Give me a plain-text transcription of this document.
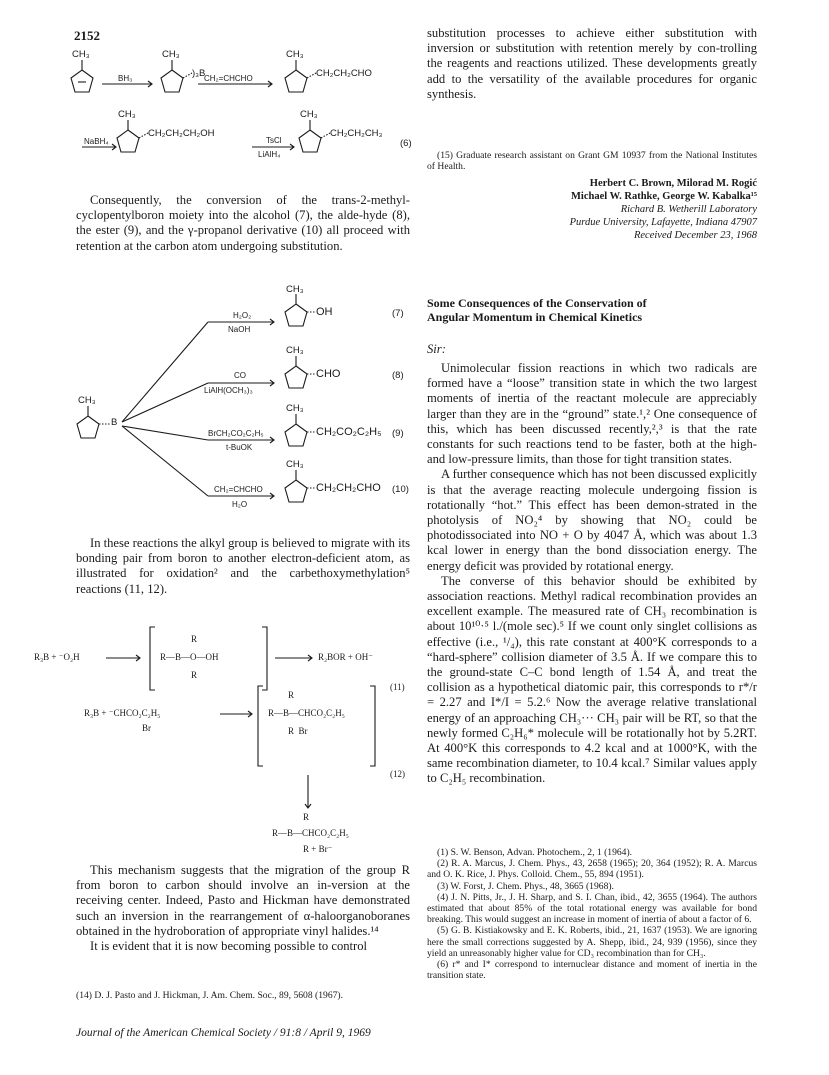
2152
CH₃	CH₃
)₃B
CH₃
CH₂CH₂CHO
BH₃	CH₂=CHCHO
CH₃
CH₂CH₂CH₂OH
CH₃
CH₂CH₂CH₃
(6)
NaBH₄	TsCl
LiAlH₄

Consequently, the conversion of the trans-2-methyl-cyclopentylboron moiety into the alcohol (7), the alde-hyde (8), the ester (9), and the γ-propanol derivative (10) all proceed with retention at the carbon atom undergoing substitution.

CH₃
B
CH₃
OH	(7)
H₂O₂
NaOH
CH₃
CHO	(8)
CO
LiAlH(OCH₃)₃
CH₃
CH₂CO₂C₂H₅ (9)
BrCH₂CO₂C₂H₅
t-BuOK
CH₃
CH₂CH₂CHO (10)
CH₂=CHCHO
H₂O

In these reactions the alkyl group is believed to migrate with its bonding pair from boron to another electron-deficient atom, as illustrated for oxidation² and the carbethoxymethylation⁵ reactions (11, 12).

R₃B + ⁻O₂H
R
R—B—O—OH
R
R₂BOR + OH⁻
(11)
R₃B + ⁻CHCO₂C₂H₅
Br
R
R—B—CHCO₂C₂H₅
R  Br
(12)
R
R—B—CHCO₂C₂H₅
R + Br⁻

This mechanism suggests that the migration of the group R from boron to carbon should involve an in-version at the receiving center. Indeed, Pasto and Hickman have demonstrated such an inversion in the rearrangement of α-haloorganoboranes obtained in the hydroboration of appropriate vinyl halides.¹⁴

It is evident that it is now becoming possible to control

(14) D. J. Pasto and J. Hickman, J. Am. Chem. Soc., 89, 5608 (1967).

substitution processes to achieve either substitution with inversion or substitution with retention merely by con-trolling the reagents and reactions utilized. These developments greatly add to the versatility of the available procedures for organic synthesis.

(15) Graduate research assistant on Grant GM 10937 from the National Institutes of Health.
Herbert C. Brown, Milorad M. Rogić
Michael W. Rathke, George W. Kabalka¹⁵
Richard B. Wetherill Laboratory
Purdue University, Lafayette, Indiana 47907
Received December 23, 1968
Some Consequences of the Conservation of
Angular Momentum in Chemical Kinetics
Sir:

Unimolecular fission reactions in which two radicals are formed have a “loose” transition state in which the two largest moments of inertia of the reactant molecule are appreciably larger than they are in the “ground” state.¹,² One consequence of this, which has been discussed recently,²,³ is that the rate constants for such reactions tend to be faster, both at the high- and low-pressure limits, than those for tight transition states.

A further consequence which has not been discussed explicitly is that the average reacting molecule undergoing fission is rotationally “hot.” This effect has been demon-strated in the photolysis of NO₂⁴ by showing that NO₂ could be photodissociated into NO + O by 4047 Å, which was about 1.3 kcal lower in energy than the bond dissociation energy. The energy deficit was provided by rotational energy.

The converse of this behavior should be exhibited by association reactions. Methyl radical recombination provides an excellent example. The measured rate of CH₃ recombination is about 10¹⁰·⁵ l./(mole sec).⁵ If we count only singlet collisions as effective (i.e., ¹/₄), this rate constant at 400°K corresponds to a “hard-sphere” collision diameter of 3.5 Å. If we compare this to the ground-state C–C bond length of 1.54 Å, and treat the collision as a hypothetical diatomic pair, this corresponds to r*/r = 2.27 and I*/I = 5.2.⁶ Now the average relative translational energy of an approaching CH₃··· CH₃ pair will be RT, so that the newly formed C₂H₆* molecule will be rotationally hot by 5.2RT. At 400°K this corresponds to 4.2 kcal and at 1000°K, with the same recombination diameter, to 10.4 kcal.⁷ Similar values apply to C₂H₅ recombination.

(1) S. W. Benson, Advan. Photochem., 2, 1 (1964).
(2) R. A. Marcus, J. Chem. Phys., 43, 2658 (1965); 20, 364 (1952); R. A. Marcus and O. K. Rice, J. Phys. Colloid. Chem., 55, 894 (1951).
(3) W. Forst, J. Chem. Phys., 48, 3665 (1968).
(4) J. N. Pitts, Jr., J. H. Sharp, and S. I. Chan, ibid., 42, 3655 (1964). The authors estimated that about 85% of the total rotational energy was available for bond breaking. This would suggest an increase in moment of inertia of about a factor of 6.
(5) G. B. Kistiakowsky and E. K. Roberts, ibid., 21, 1637 (1953). We are ignoring here the small corrections suggested by A. Shepp, ibid., 24, 939 (1956), since they yield an unreasonably higher value for CD₃ recombination than for CH₃.
(6) r* and I* correspond to internuclear distance and moment of inertia in the transition state.
Journal of the American Chemical Society / 91:8 / April 9, 1969
